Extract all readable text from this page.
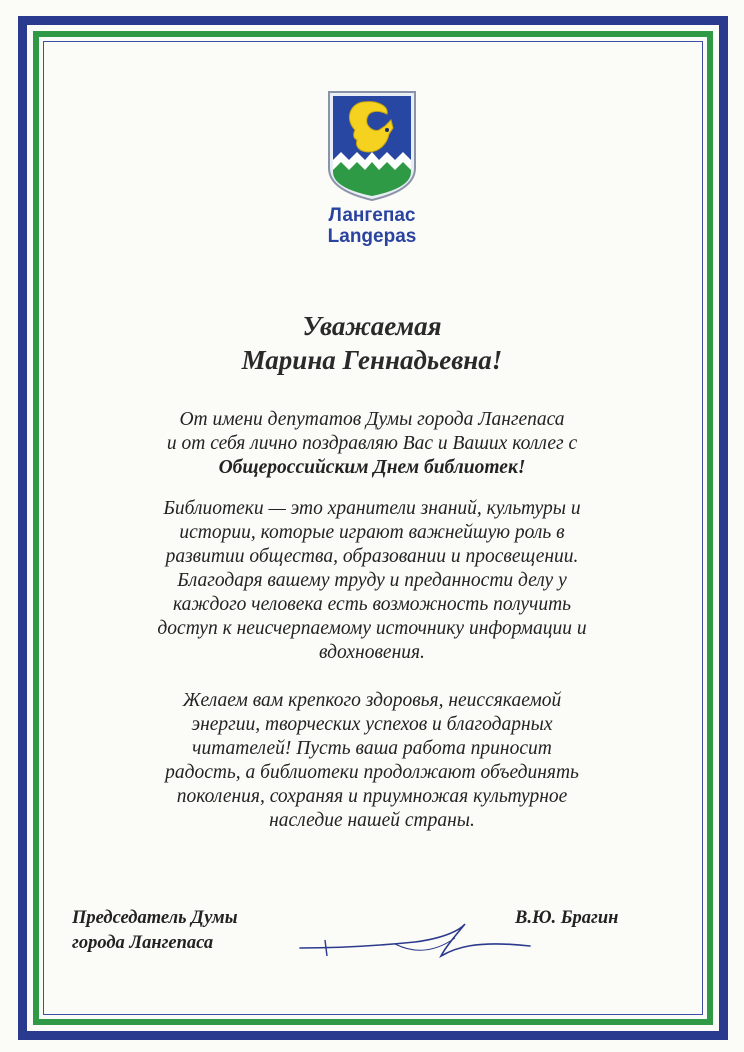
Лангепас
Langepas
Уважаемая
Марина Геннадьевна!
От имени депутатов Думы города Лангепаса
и от себя лично поздравляю Вас и Ваших коллег с
Общероссийским Днем библиотек!
Библиотеки — это хранители знаний, культуры и
истории, которые играют важнейшую роль в
развитии общества, образовании и просвещении.
Благодаря вашему труду и преданности делу у
каждого человека есть возможность получить
доступ к неисчерпаемому источнику информации и
вдохновения.
Желаем вам крепкого здоровья, неиссякаемой
энергии, творческих успехов и благодарных
читателей! Пусть ваша работа приносит
радость, а библиотеки продолжают объединять
поколения, сохраняя и приумножая культурное
наследие нашей страны.
Председатель Думы
города Лангепаса
В.Ю. Брагин
